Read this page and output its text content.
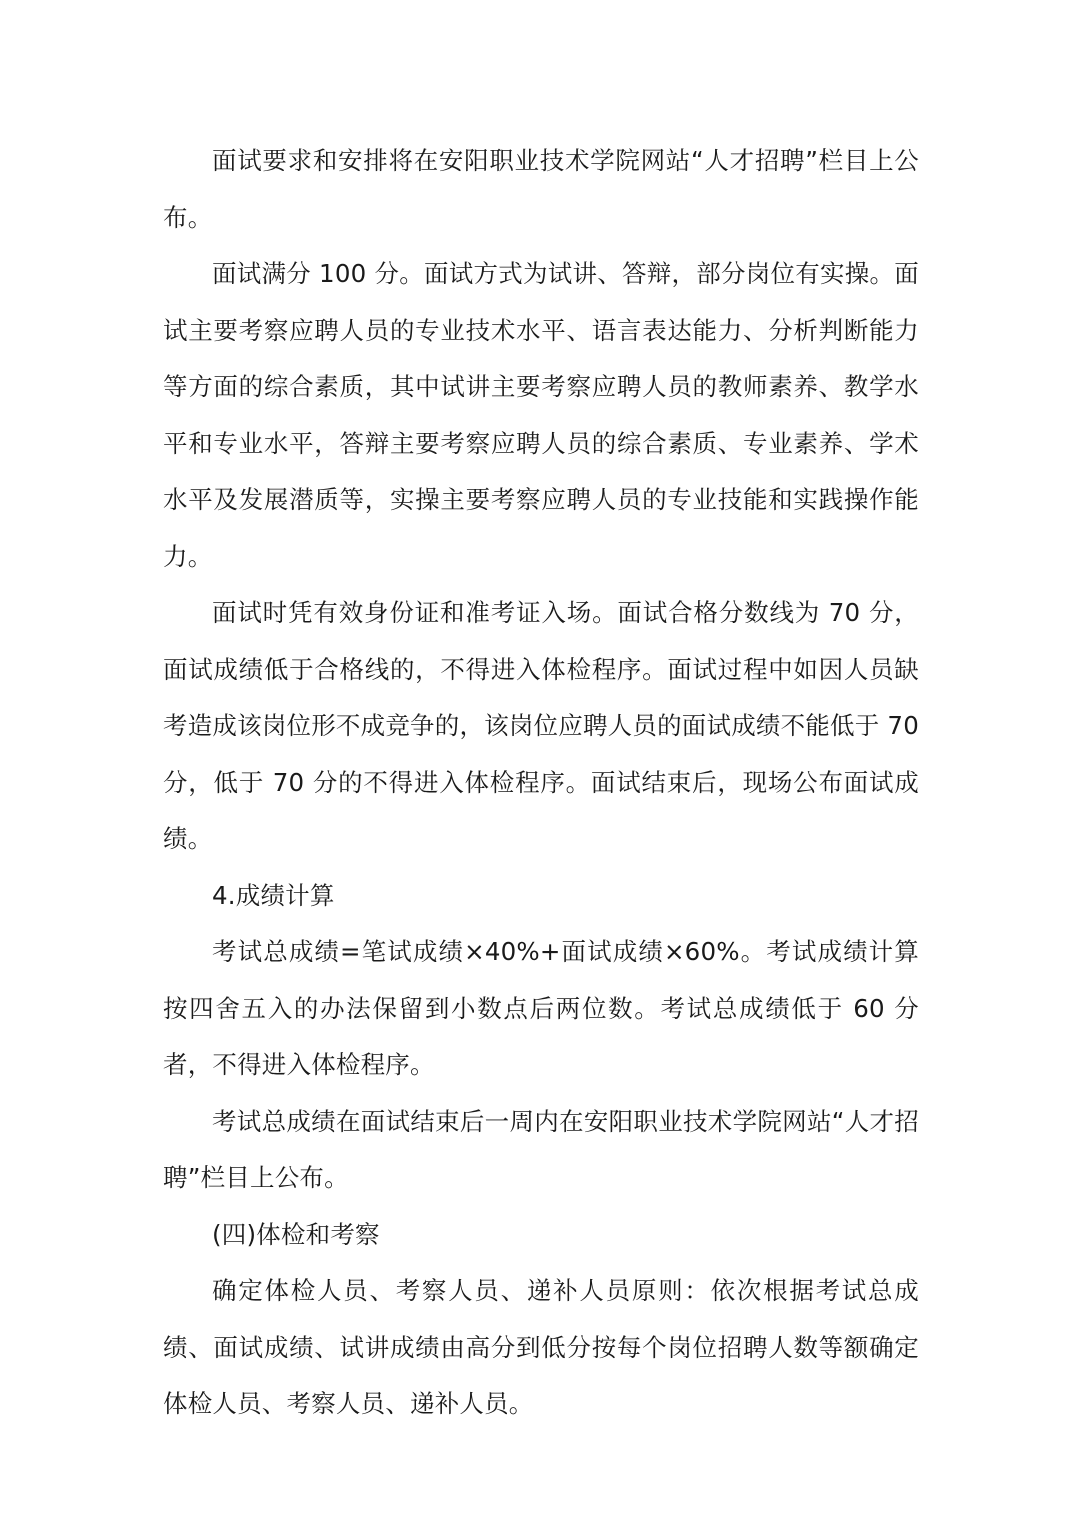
面试要求和安排将在安阳职业技术学院网站“人才招聘”栏目上公布。

面试满分 100 分。面试方式为试讲、答辩，部分岗位有实操。面试主要考察应聘人员的专业技术水平、语言表达能力、分析判断能力等方面的综合素质，其中试讲主要考察应聘人员的教师素养、教学水平和专业水平，答辩主要考察应聘人员的综合素质、专业素养、学术水平及发展潜质等，实操主要考察应聘人员的专业技能和实践操作能力。

面试时凭有效身份证和准考证入场。面试合格分数线为 70 分，面试成绩低于合格线的，不得进入体检程序。面试过程中如因人员缺考造成该岗位形不成竞争的，该岗位应聘人员的面试成绩不能低于 70 分，低于 70 分的不得进入体检程序。面试结束后，现场公布面试成绩。

4.成绩计算

考试总成绩=笔试成绩×40%+面试成绩×60%。考试成绩计算按四舍五入的办法保留到小数点后两位数。考试总成绩低于 60 分者，不得进入体检程序。

考试总成绩在面试结束后一周内在安阳职业技术学院网站“人才招聘”栏目上公布。

(四)体检和考察

确定体检人员、考察人员、递补人员原则：依次根据考试总成绩、面试成绩、试讲成绩由高分到低分按每个岗位招聘人数等额确定体检人员、考察人员、递补人员。
